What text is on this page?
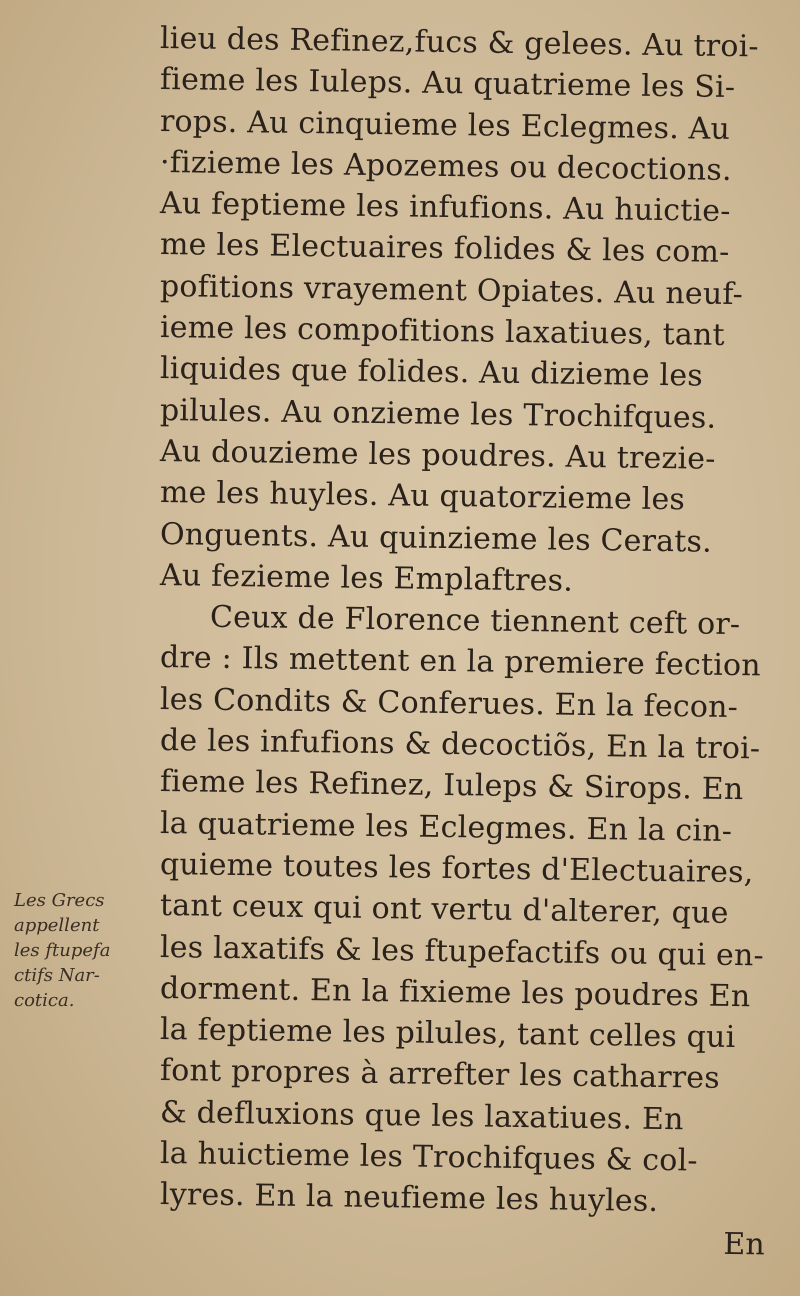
lieu des Refinez,fucs & gelees. Au troi-
fieme les Iuleps. Au quatrieme les Si-
rops. Au cinquieme les Eclegmes. Au
·fizieme les Apozemes ou decoctions.
Au feptieme les infufions. Au huictie-
me les Electuaires folides & les com-
pofitions vrayement Opiates. Au neuf-
ieme les compofitions laxatiues, tant
liquides que folides. Au dizieme les
pilules. Au onzieme les Trochifques.
Au douzieme les poudres. Au trezie-
me les huyles. Au quatorzieme les
Onguents. Au quinzieme les Cerats.
Au fezieme les Emplaftres.
Ceux de Florence tiennent ceft or-
dre : Ils mettent en la premiere fection
les Condits & Conferues. En la fecon-
de les infufions & decoctiõs, En la troi-
fieme les Refinez, Iuleps & Sirops. En
la quatrieme les Eclegmes. En la cin-
quieme toutes les fortes d'Electuaires,
tant ceux qui ont vertu d'alterer, que
les laxatifs & les ftupefactifs ou qui en-
dorment. En la fixieme les poudres En
la feptieme les pilules, tant celles qui
font propres à arrefter les catharres
& defluxions que les laxatiues. En
la huictieme les Trochifques & col-
lyres. En la neufieme les huyles.
En
Les Grecs
appellent
les ftupefa
ctifs Nar-
cotica.
